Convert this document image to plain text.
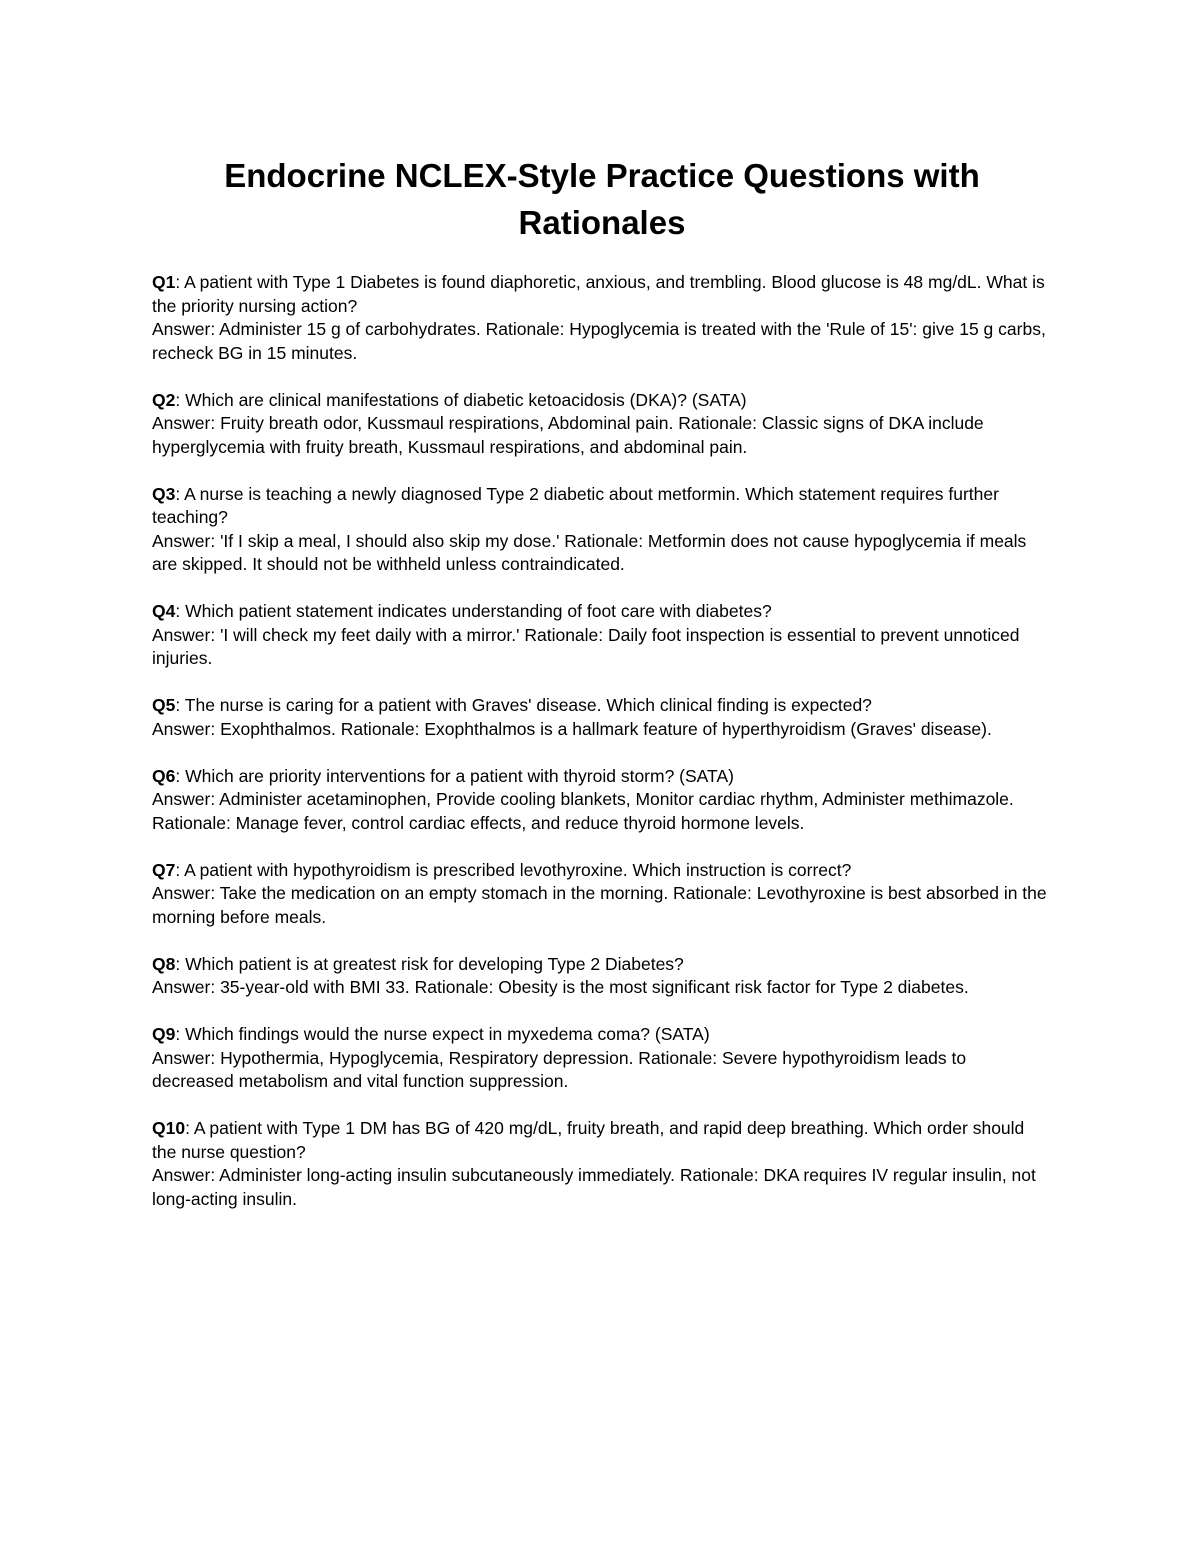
Endocrine NCLEX-Style Practice Questions with Rationales
Q1: A patient with Type 1 Diabetes is found diaphoretic, anxious, and trembling. Blood glucose is 48 mg/dL. What is the priority nursing action?
Answer: Administer 15 g of carbohydrates. Rationale: Hypoglycemia is treated with the 'Rule of 15': give 15 g carbs, recheck BG in 15 minutes.
Q2: Which are clinical manifestations of diabetic ketoacidosis (DKA)? (SATA)
Answer: Fruity breath odor, Kussmaul respirations, Abdominal pain. Rationale: Classic signs of DKA include hyperglycemia with fruity breath, Kussmaul respirations, and abdominal pain.
Q3: A nurse is teaching a newly diagnosed Type 2 diabetic about metformin. Which statement requires further teaching?
Answer: 'If I skip a meal, I should also skip my dose.' Rationale: Metformin does not cause hypoglycemia if meals are skipped. It should not be withheld unless contraindicated.
Q4: Which patient statement indicates understanding of foot care with diabetes?
Answer: 'I will check my feet daily with a mirror.' Rationale: Daily foot inspection is essential to prevent unnoticed injuries.
Q5: The nurse is caring for a patient with Graves' disease. Which clinical finding is expected?
Answer: Exophthalmos. Rationale: Exophthalmos is a hallmark feature of hyperthyroidism (Graves' disease).
Q6: Which are priority interventions for a patient with thyroid storm? (SATA)
Answer: Administer acetaminophen, Provide cooling blankets, Monitor cardiac rhythm, Administer methimazole. Rationale: Manage fever, control cardiac effects, and reduce thyroid hormone levels.
Q7: A patient with hypothyroidism is prescribed levothyroxine. Which instruction is correct?
Answer: Take the medication on an empty stomach in the morning. Rationale: Levothyroxine is best absorbed in the morning before meals.
Q8: Which patient is at greatest risk for developing Type 2 Diabetes?
Answer: 35-year-old with BMI 33. Rationale: Obesity is the most significant risk factor for Type 2 diabetes.
Q9: Which findings would the nurse expect in myxedema coma? (SATA)
Answer: Hypothermia, Hypoglycemia, Respiratory depression. Rationale: Severe hypothyroidism leads to decreased metabolism and vital function suppression.
Q10: A patient with Type 1 DM has BG of 420 mg/dL, fruity breath, and rapid deep breathing. Which order should the nurse question?
Answer: Administer long-acting insulin subcutaneously immediately. Rationale: DKA requires IV regular insulin, not long-acting insulin.
